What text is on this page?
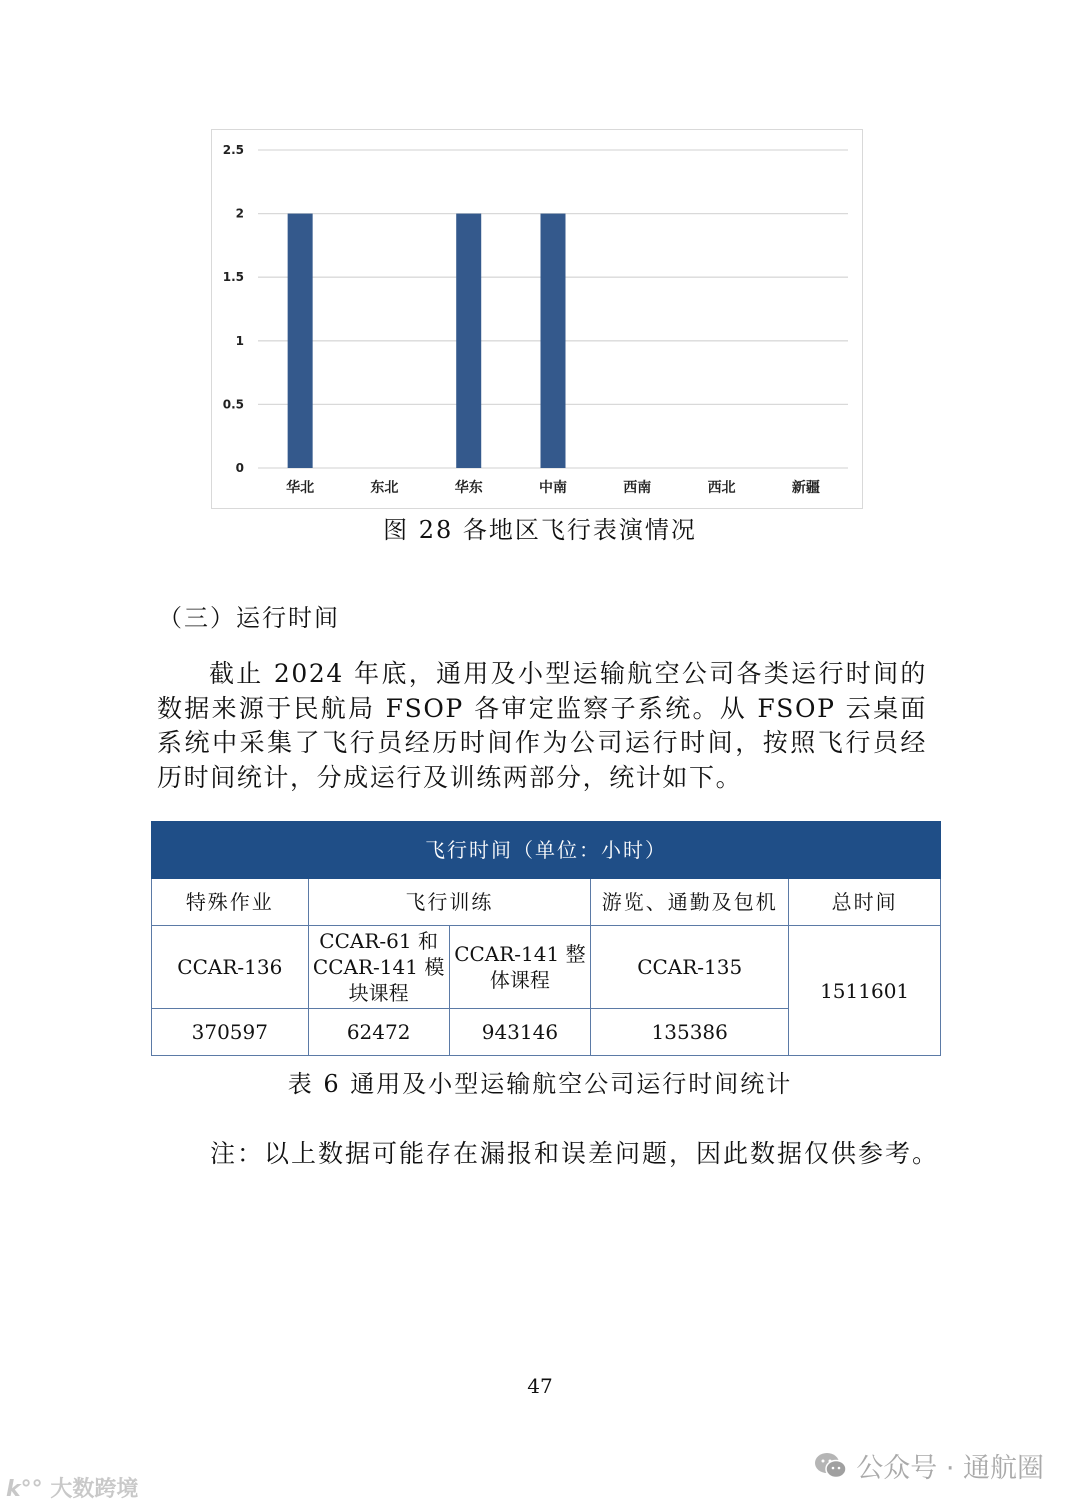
0
0.5
1
1.5
2
2.5
华北	东北	华东	中南	西南	西北	新疆
图 28 各地区飞行表演情况
（三）运行时间
截止 2024 年底，通用及小型运输航空公司各类运行时间的数据来源于民航局 FSOP 各审定监察子系统。从 FSOP 云桌面系统中采集了飞行员经历时间作为公司运行时间，按照飞行员经历时间统计，分成运行及训练两部分，统计如下。
飞行时间（单位：小时）				
特殊作业	飞行训练		游览、通勤及包机	总时间
CCAR-136	CCAR-61 和 CCAR-141 模块课程	CCAR-141 整体课程	CCAR-135	1511601
370597	62472	943146	135386	
表 6 通用及小型运输航空公司运行时间统计
注：以上数据可能存在漏报和误差问题，因此数据仅供参考。
47
k°° 大数跨境
公众号 · 通航圈
